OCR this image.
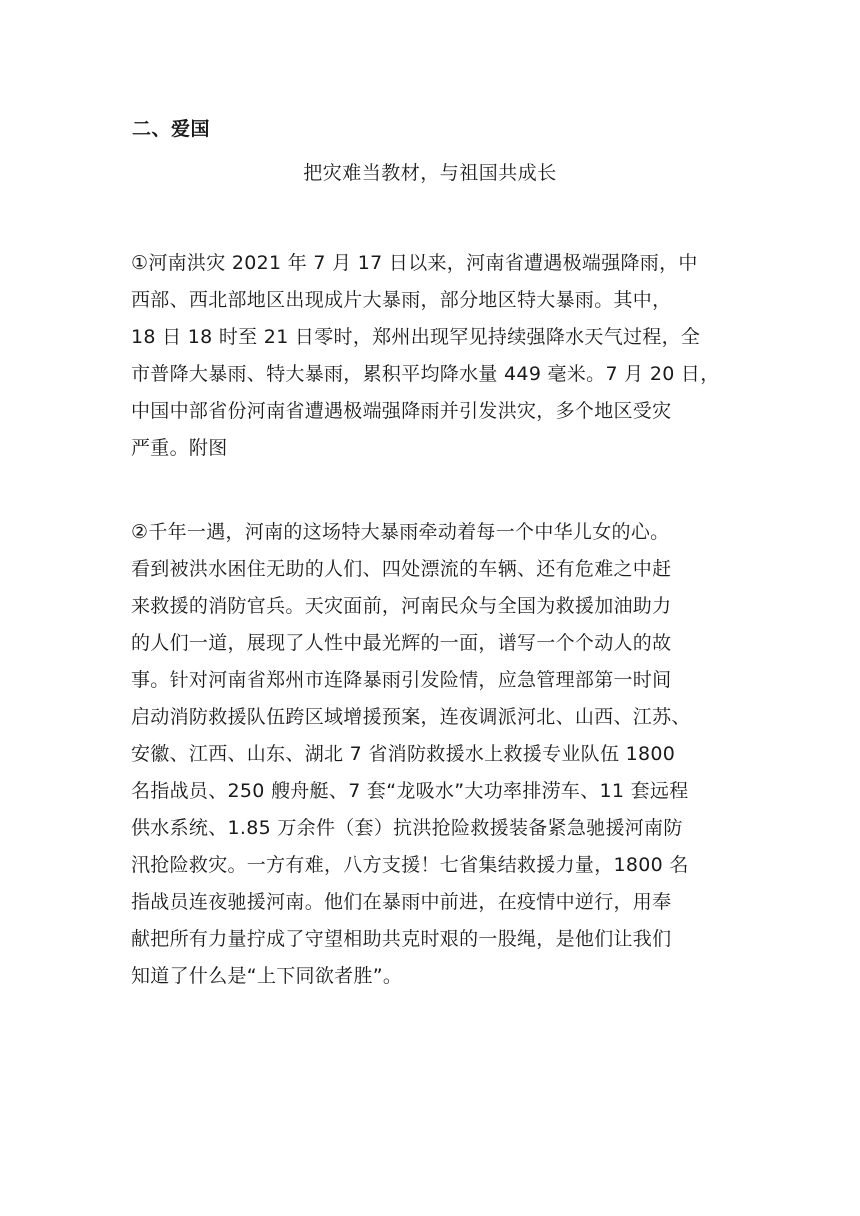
二、爱国
把灾难当教材，与祖国共成长
①河南洪灾 2021 年 7 月 17 日以来，河南省遭遇极端强降雨，中
西部、西北部地区出现成片大暴雨，部分地区特大暴雨。其中，
18 日 18 时至 21 日零时，郑州出现罕见持续强降水天气过程，全
市普降大暴雨、特大暴雨，累积平均降水量 449 毫米。7 月 20 日，
中国中部省份河南省遭遇极端强降雨并引发洪灾，多个地区受灾
严重。附图
②千年一遇，河南的这场特大暴雨牵动着每一个中华儿女的心。
看到被洪水困住无助的人们、四处漂流的车辆、还有危难之中赶
来救援的消防官兵。天灾面前，河南民众与全国为救援加油助力
的人们一道，展现了人性中最光辉的一面，谱写一个个动人的故
事。针对河南省郑州市连降暴雨引发险情，应急管理部第一时间
启动消防救援队伍跨区域增援预案，连夜调派河北、山西、江苏、
安徽、江西、山东、湖北 7 省消防救援水上救援专业队伍 1800
名指战员、250 艘舟艇、7 套“龙吸水”大功率排涝车、11 套远程
供水系统、1.85 万余件（套）抗洪抢险救援装备紧急驰援河南防
汛抢险救灾。一方有难，八方支援！七省集结救援力量，1800 名
指战员连夜驰援河南。他们在暴雨中前进，在疫情中逆行，用奉
献把所有力量拧成了守望相助共克时艰的一股绳，是他们让我们
知道了什么是“上下同欲者胜”。
